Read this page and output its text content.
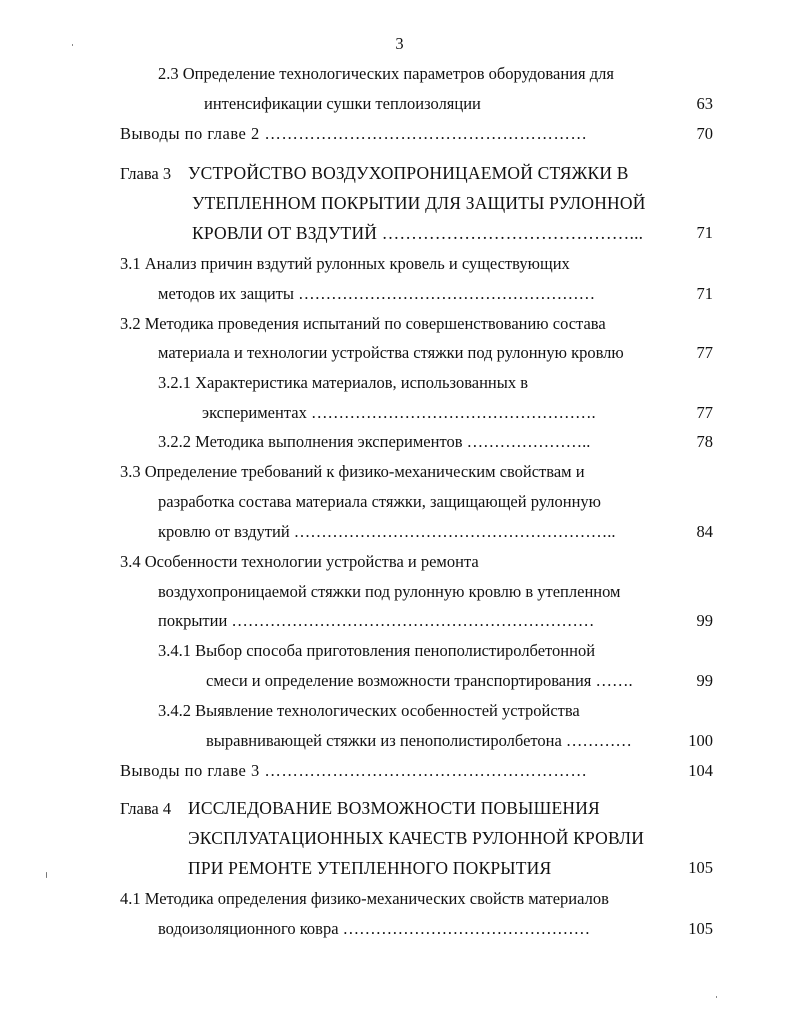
3
2.3 Определение технологических параметров оборудования для
интенсификации сушки теплоизоляции	63
Выводы по главе 2 …………………………………………………	70
Глава 3 УСТРОЙСТВО ВОЗДУХОПРОНИЦАЕМОЙ СТЯЖКИ В
УТЕПЛЕННОМ ПОКРЫТИИ ДЛЯ ЗАЩИТЫ РУЛОННОЙ
КРОВЛИ ОТ ВЗДУТИЙ ……………………………………...	71
3.1 Анализ причин вздутий рулонных кровель и существующих
методов их защиты ………………………………………………	71
3.2 Методика проведения испытаний по совершенствованию состава
материала и технологии устройства стяжки под рулонную кровлю	77
3.2.1 Характеристика материалов, использованных в
экспериментах …………………………………………….	77
3.2.2 Методика выполнения экспериментов …………………..	78
3.3 Определение требований к физико-механическим свойствам и
разработка состава материала стяжки, защищающей рулонную
кровлю от вздутий …………………………………………………..	84
3.4 Особенности технологии устройства и ремонта
воздухопроницаемой стяжки под рулонную кровлю в утепленном
покрытии …………………………………………………………	99
3.4.1 Выбор способа приготовления пенополистиролбетонной
смеси и определение возможности транспортирования …….	99
3.4.2 Выявление технологических особенностей устройства
выравнивающей стяжки из пенополистиролбетона …………	100
Выводы по главе 3 …………………………………………………	104
Глава 4 ИССЛЕДОВАНИЕ ВОЗМОЖНОСТИ ПОВЫШЕНИЯ
ЭКСПЛУАТАЦИОННЫХ КАЧЕСТВ РУЛОННОЙ КРОВЛИ
ПРИ РЕМОНТЕ УТЕПЛЕННОГО ПОКРЫТИЯ	105
4.1 Методика определения физико-механических свойств материалов
водоизоляционного ковра ………………………………………	105
